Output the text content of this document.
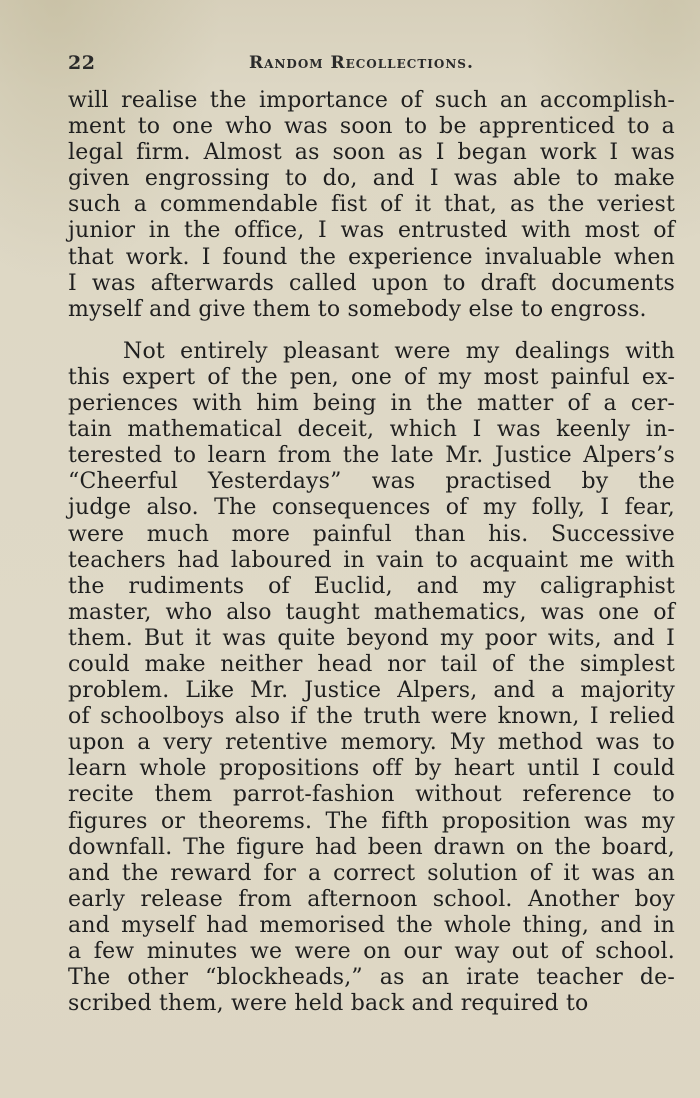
22	Random Recollections.

will realise the importance of such an accomplish-
ment to one who was soon to be apprenticed to a
legal firm. Almost as soon as I began work I was
given engrossing to do, and I was able to make
such a commendable fist of it that, as the veriest
junior in the office, I was entrusted with most of
that work. I found the experience invaluable when
I was afterwards called upon to draft documents
myself and give them to somebody else to engross.

Not entirely pleasant were my dealings with
this expert of the pen, one of my most painful ex-
periences with him being in the matter of a cer-
tain mathematical deceit, which I was keenly in-
terested to learn from the late Mr. Justice Alpers’s
“Cheerful Yesterdays” was practised by the
judge also. The consequences of my folly, I fear,
were much more painful than his. Successive
teachers had laboured in vain to acquaint me with
the rudiments of Euclid, and my caligraphist
master, who also taught mathematics, was one of
them. But it was quite beyond my poor wits, and I
could make neither head nor tail of the simplest
problem. Like Mr. Justice Alpers, and a majority
of schoolboys also if the truth were known, I relied
upon a very retentive memory. My method was to
learn whole propositions off by heart until I could
recite them parrot-fashion without reference to
figures or theorems. The fifth proposition was my
downfall. The figure had been drawn on the board,
and the reward for a correct solution of it was an
early release from afternoon school. Another boy
and myself had memorised the whole thing, and in
a few minutes we were on our way out of school.
The other “blockheads,” as an irate teacher de-
scribed them, were held back and required to
